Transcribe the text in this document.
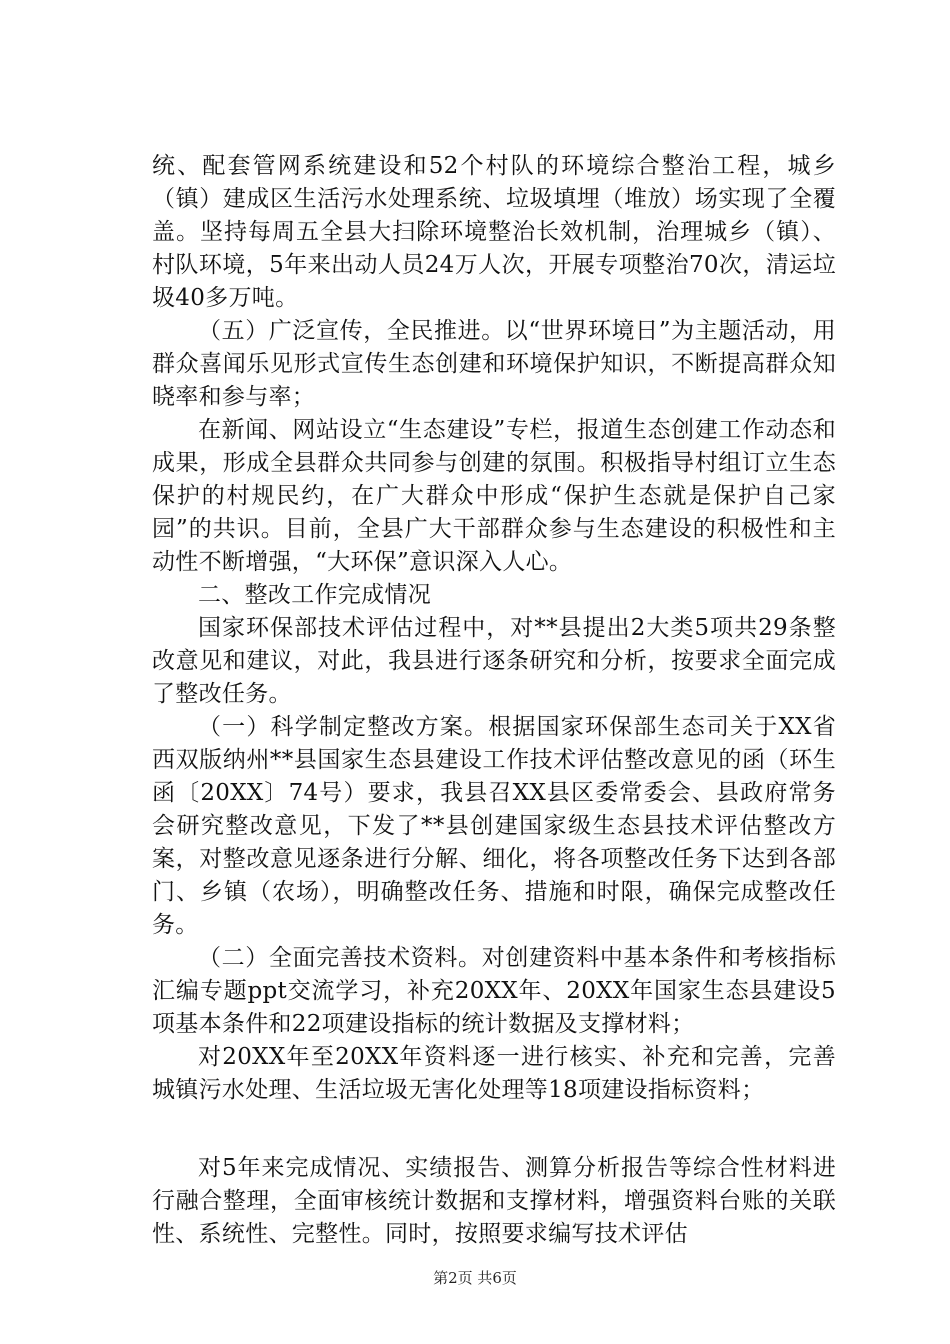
统、配套管网系统建设和52个村队的环境综合整治工程，城乡（镇）建成区生活污水处理系统、垃圾填埋（堆放）场实现了全覆盖。坚持每周五全县大扫除环境整治长效机制，治理城乡（镇）、村队环境，5年来出动人员24万人次，开展专项整治70次，清运垃圾40多万吨。

（五）广泛宣传，全民推进。以“世界环境日”为主题活动，用群众喜闻乐见形式宣传生态创建和环境保护知识，不断提高群众知晓率和参与率；

在新闻、网站设立“生态建设”专栏，报道生态创建工作动态和成果，形成全县群众共同参与创建的氛围。积极指导村组订立生态保护的村规民约，在广大群众中形成“保护生态就是保护自己家园”的共识。目前，全县广大干部群众参与生态建设的积极性和主动性不断增强，“大环保”意识深入人心。

二、整改工作完成情况

国家环保部技术评估过程中，对**县提出2大类5项共29条整改意见和建议，对此，我县进行逐条研究和分析，按要求全面完成了整改任务。

（一）科学制定整改方案。根据国家环保部生态司关于XX省西双版纳州**县国家生态县建设工作技术评估整改意见的函（环生函〔20XX〕74号）要求，我县召XX县区委常委会、县政府常务会研究整改意见，下发了**县创建国家级生态县技术评估整改方案，对整改意见逐条进行分解、细化，将各项整改任务下达到各部门、乡镇（农场），明确整改任务、措施和时限，确保完成整改任务。

（二）全面完善技术资料。对创建资料中基本条件和考核指标汇编专题ppt交流学习，补充20XX年、20XX年国家生态县建设5项基本条件和22项建设指标的统计数据及支撑材料；

对20XX年至20XX年资料逐一进行核实、补充和完善，完善城镇污水处理、生活垃圾无害化处理等18项建设指标资料；

对5年来完成情况、实绩报告、测算分析报告等综合性材料进行融合整理，全面审核统计数据和支撑材料，增强资料台账的关联性、系统性、完整性。同时，按照要求编写技术评估

第2页 共6页
